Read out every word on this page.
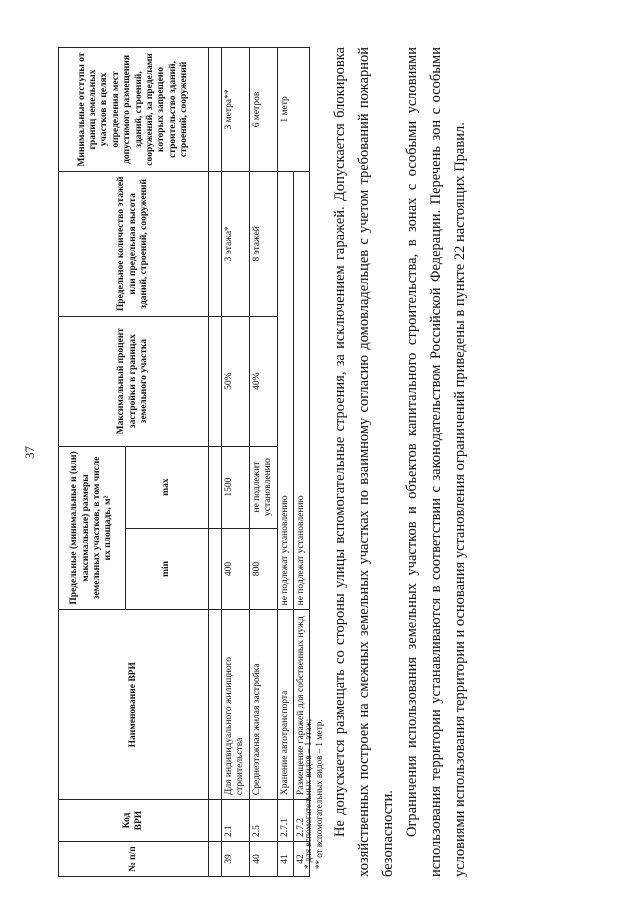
37
№ п/п	Код ВРИ	Наименование ВРИ	Предельные (минимальные и (или) максимальные) размеры земельных участков, в том числе их площадь, м²		Максимальный процент застройки в границах земельного участка	Предельное количество этажей или предельная высота зданий, строений, сооружений	Минимальные отступы от границ земельных участков в целях определения мест допустимого размещения зданий, строений, сооружений, за пределами которых запрещено строительство зданий, строений, сооружений
			min	max			

39	2.1	Для индивидуального жилищного строительства	400	1500	50%	3 этажа*	3 метра**
40	2.5	Среднеэтажная жилая застройка	800	не подлежит установлению	40%	8 этажей	6 метров
41	2.7.1	Хранение автотранспорта	не подлежат установлению				1 метр
42	2.7.2	Размещение гаражей для собственных нужд	не подлежат установлению				
* для вспомогательных видов – 1 этаж; ** от вспомогательных видов – 1 метр. Не допускается размещать со стороны улицы вспомогательные строения, за исключением гаражей. Допускается блокировка хозяйственных построек на смежных земельных участках по взаимному согласию домовладельцев с учетом требований пожарной безопасности. Ограничения использования земельных участков и объектов капитального строительства, в зонах с особыми условиями использования территории устанавливаются в соответствии с законодательством Российской Федерации. Перечень зон с особыми условиями использования территории и основания установления ограничений приведены в пункте 22 настоящих Правил.
